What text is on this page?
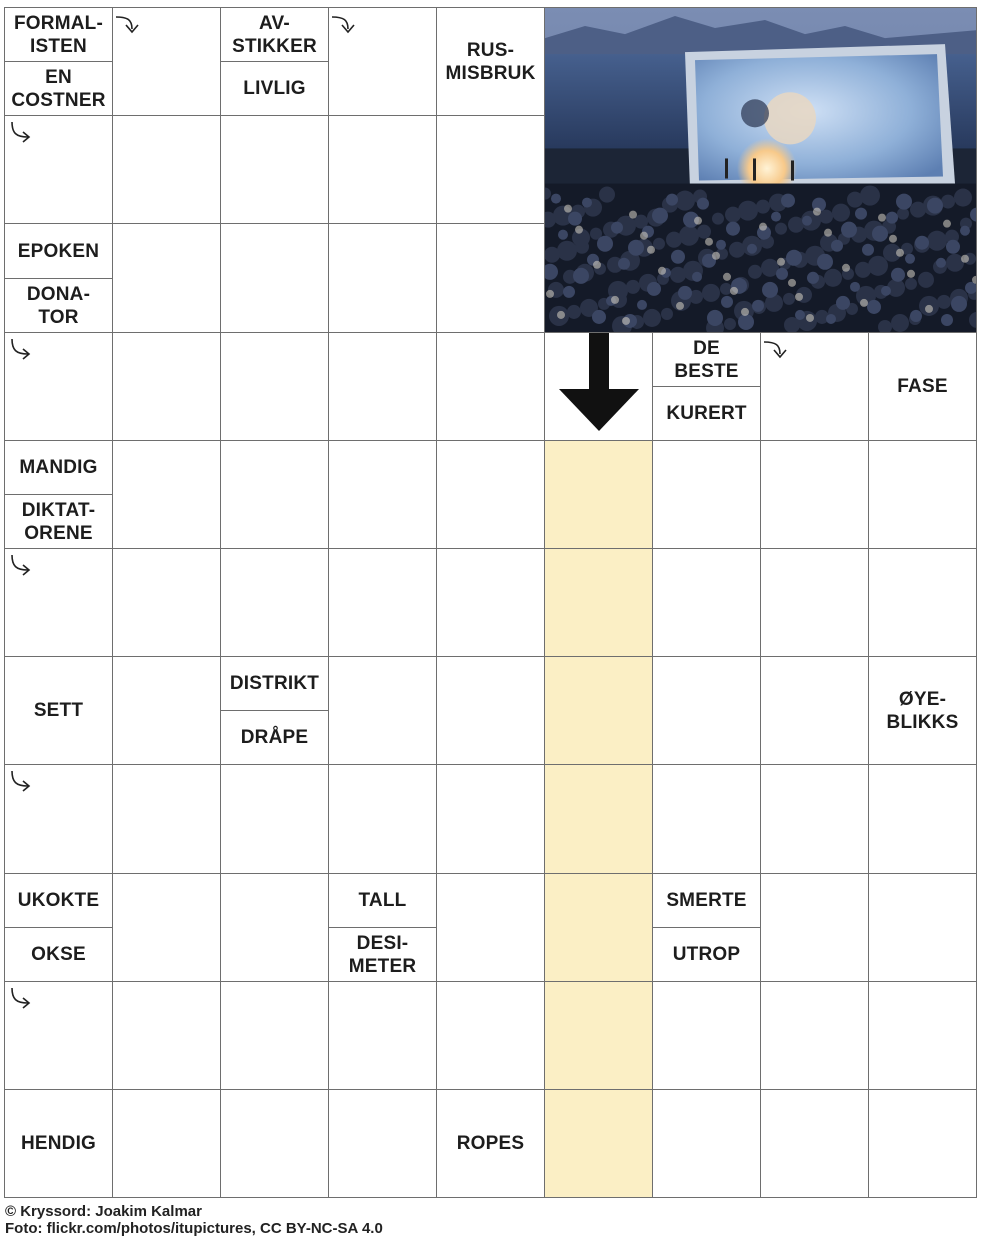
FORMAL-
ISTEN
EN
COSTNER
AV-
STIKKER
LIVLIG
RUS-
MISBRUK
EPOKEN
DONA-
TOR
DE
BESTE
KURERT
FASE
MANDIG
DIKTAT-
ORENE
SETT
DISTRIKT
DRÅPE
ØYE-
BLIKKS
UKOKTE
OKSE
TALL
DESI-
METER
SMERTE
UTROP
HENDIG	ROPES
© Kryssord: Joakim Kalmar
Foto: flickr.com/photos/itupictures, CC BY-NC-SA 4.0
